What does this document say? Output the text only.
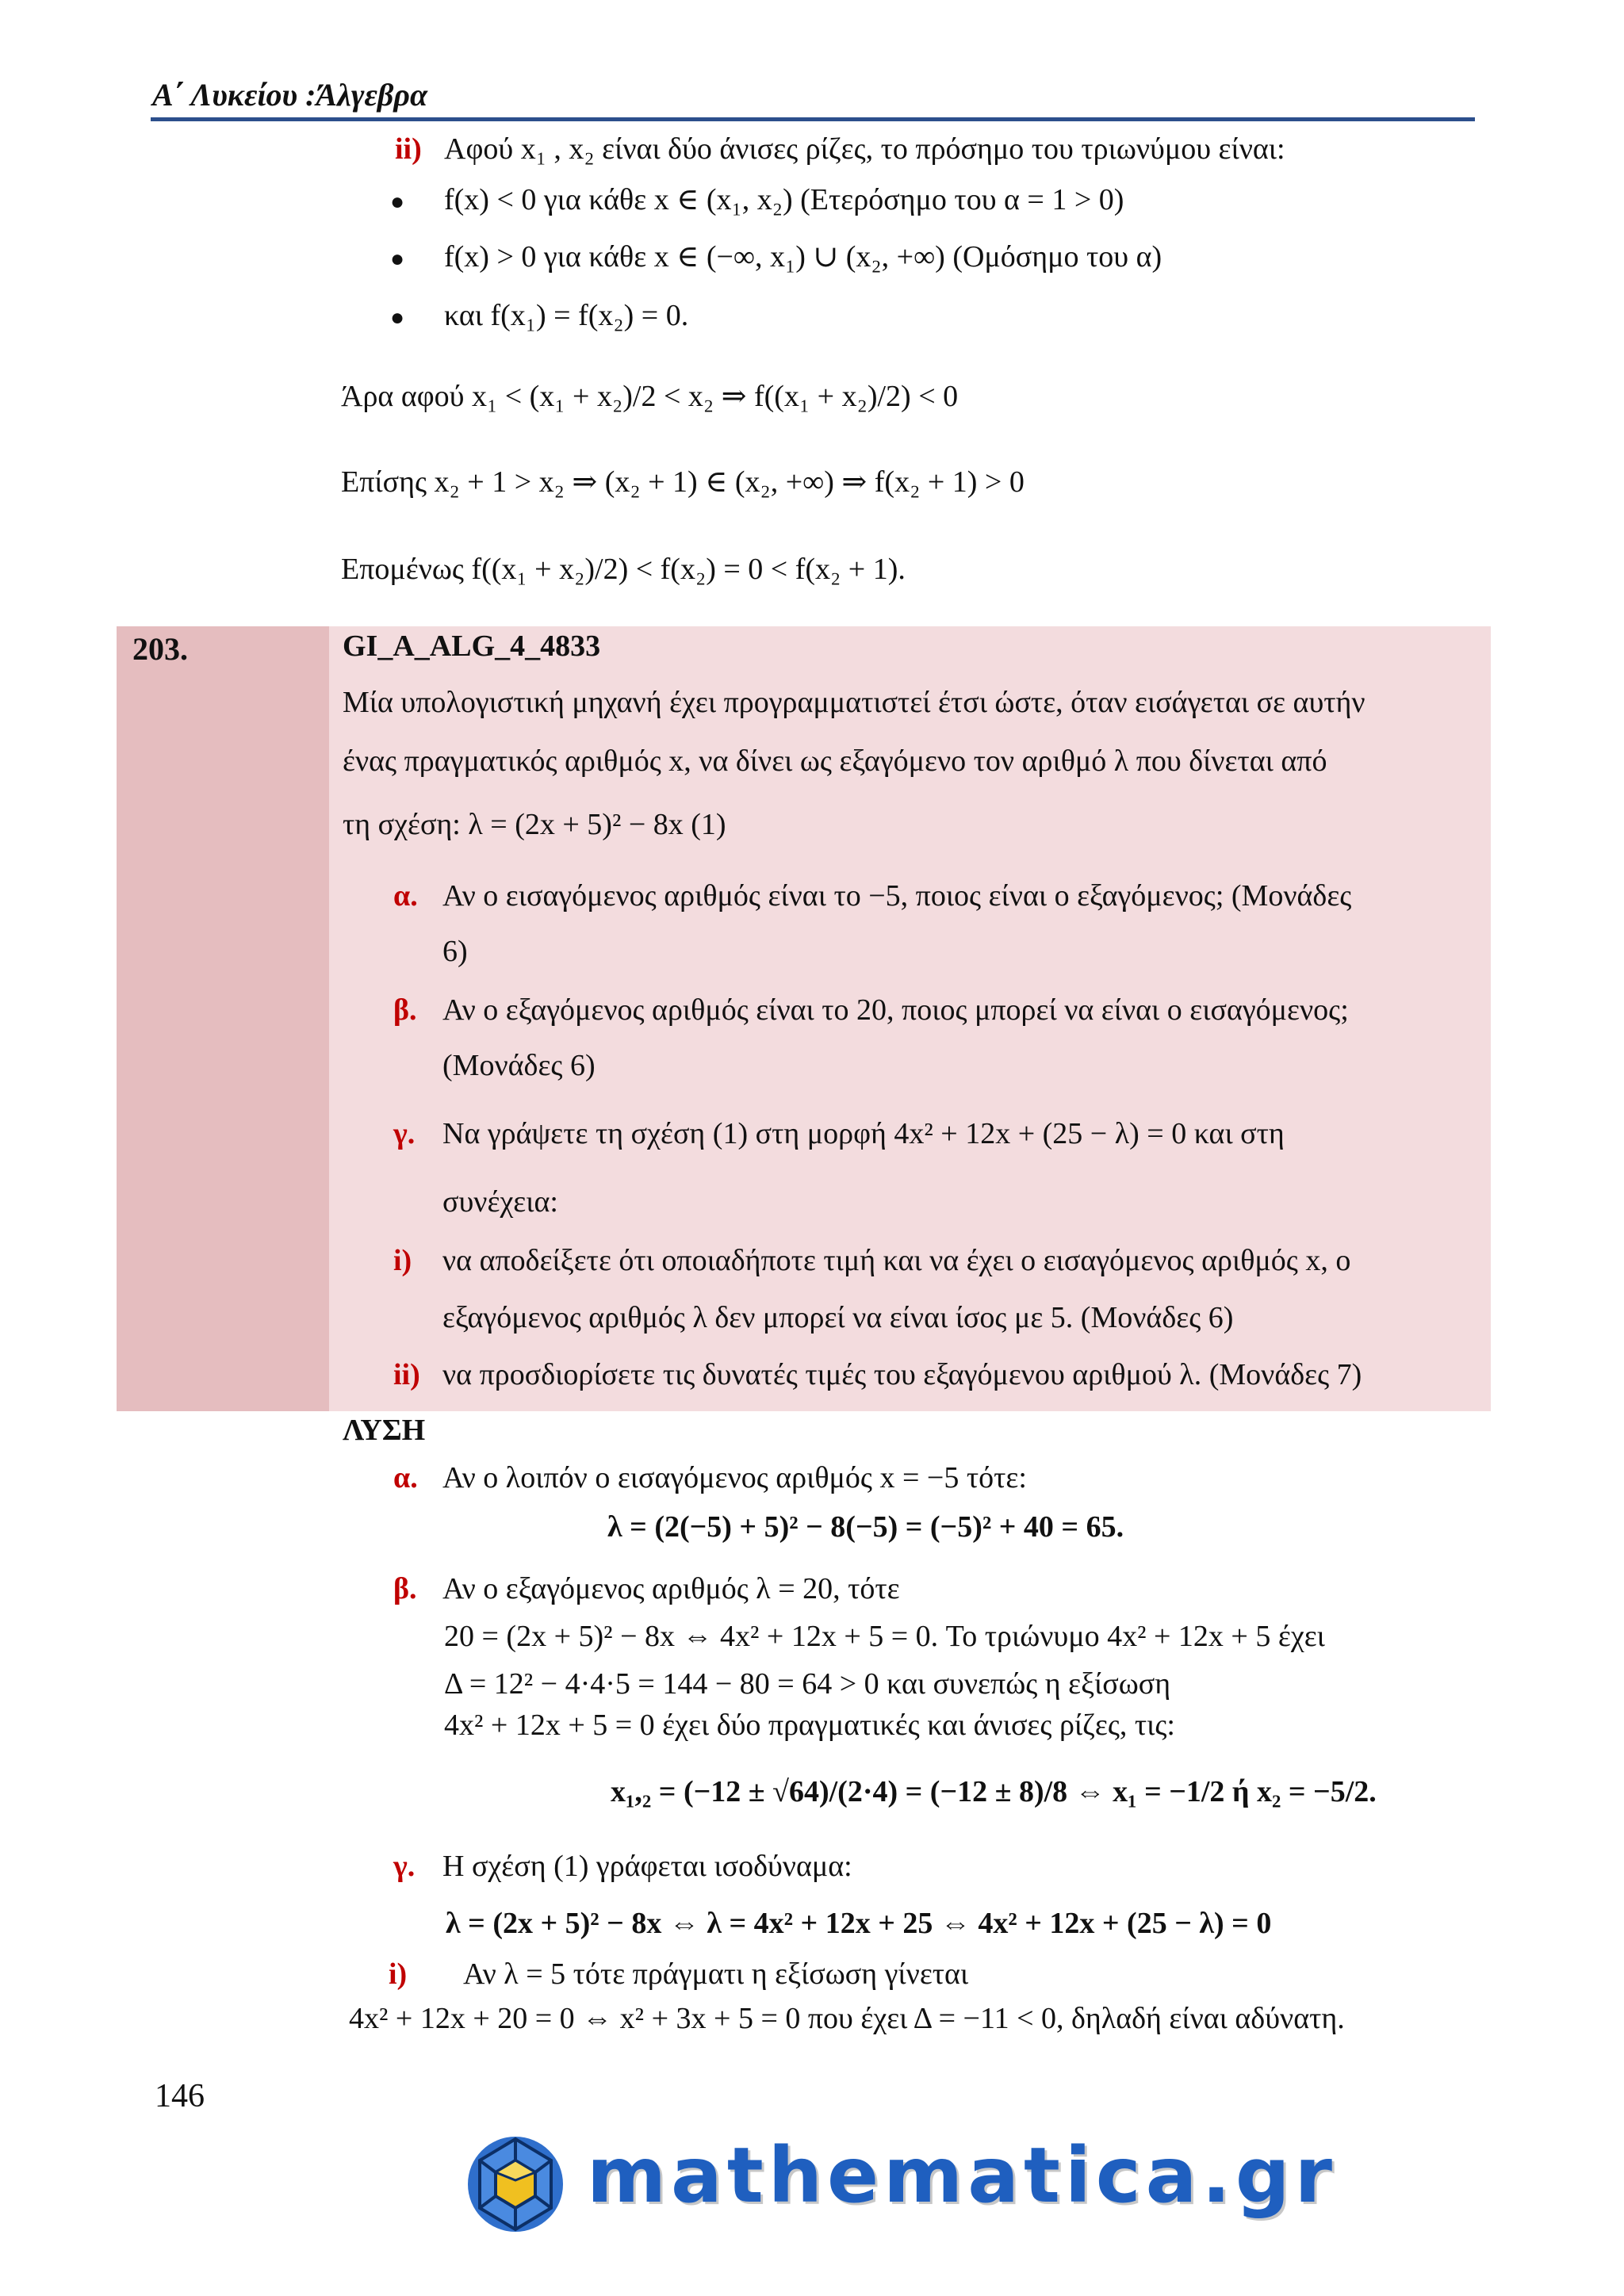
Α΄ Λυκείου :Άλγεβρα
ii) Αφού x₁ , x₂ είναι δύο άνισες ρίζες, το πρόσημο του τριωνύμου είναι:
● f(x) < 0 για κάθε x ∈ (x₁, x₂) (Ετερόσημο του α = 1 > 0)
● f(x) > 0 για κάθε x ∈ (−∞, x₁) ∪ (x₂, +∞) (Ομόσημο του α)
● και f(x₁) = f(x₂) = 0.
Άρα αφού x₁ < (x₁ + x₂)/2 < x₂ ⇒ f((x₁ + x₂)/2) < 0
Επίσης x₂ + 1 > x₂ ⇒ (x₂ + 1) ∈ (x₂, +∞) ⇒ f(x₂ + 1) > 0
Επομένως f((x₁ + x₂)/2) < f(x₂) = 0 < f(x₂ + 1).
203.	GI_A_ALG_4_4833
Μία υπολογιστική μηχανή έχει προγραμματιστεί έτσι ώστε, όταν εισάγεται σε αυτήν
ένας πραγματικός αριθμός x, να δίνει ως εξαγόμενο τον αριθμό λ που δίνεται από
τη σχέση: λ = (2x + 5)² − 8x (1)
α. Αν ο εισαγόμενος αριθμός είναι το −5, ποιος είναι ο εξαγόμενος; (Μονάδες
6)
β. Αν ο εξαγόμενος αριθμός είναι το 20, ποιος μπορεί να είναι ο εισαγόμενος;
(Μονάδες 6)
γ. Να γράψετε τη σχέση (1) στη μορφή 4x² + 12x + (25 − λ) = 0 και στη
συνέχεια:
i) να αποδείξετε ότι οποιαδήποτε τιμή και να έχει ο εισαγόμενος αριθμός x, ο
εξαγόμενος αριθμός λ δεν μπορεί να είναι ίσος με 5. (Μονάδες 6)
ii) να προσδιορίσετε τις δυνατές τιμές του εξαγόμενου αριθμού λ. (Μονάδες 7)
ΛΥΣΗ
α. Αν ο λοιπόν ο εισαγόμενος αριθμός x = −5 τότε:
λ = (2(−5) + 5)² − 8(−5) = (−5)² + 40 = 65.
β. Αν ο εξαγόμενος αριθμός λ = 20, τότε
20 = (2x + 5)² − 8x ⇔ 4x² + 12x + 5 = 0. Το τριώνυμο 4x² + 12x + 5 έχει
Δ = 12² − 4·4·5 = 144 − 80 = 64 > 0 και συνεπώς η εξίσωση
4x² + 12x + 5 = 0 έχει δύο πραγματικές και άνισες ρίζες, τις:
x₁,₂ = (−12 ± √64)/(2·4) = (−12 ± 8)/8 ⇔ x₁ = −1/2 ή x₂ = −5/2.
γ. Η σχέση (1) γράφεται ισοδύναμα:
λ = (2x + 5)² − 8x ⇔ λ = 4x² + 12x + 25 ⇔ 4x² + 12x + (25 − λ) = 0
i) Αν λ = 5 τότε πράγματι η εξίσωση γίνεται
4x² + 12x + 20 = 0 ⇔ x² + 3x + 5 = 0 που έχει Δ = −11 < 0, δηλαδή είναι αδύνατη.
146
mathematica.gr
